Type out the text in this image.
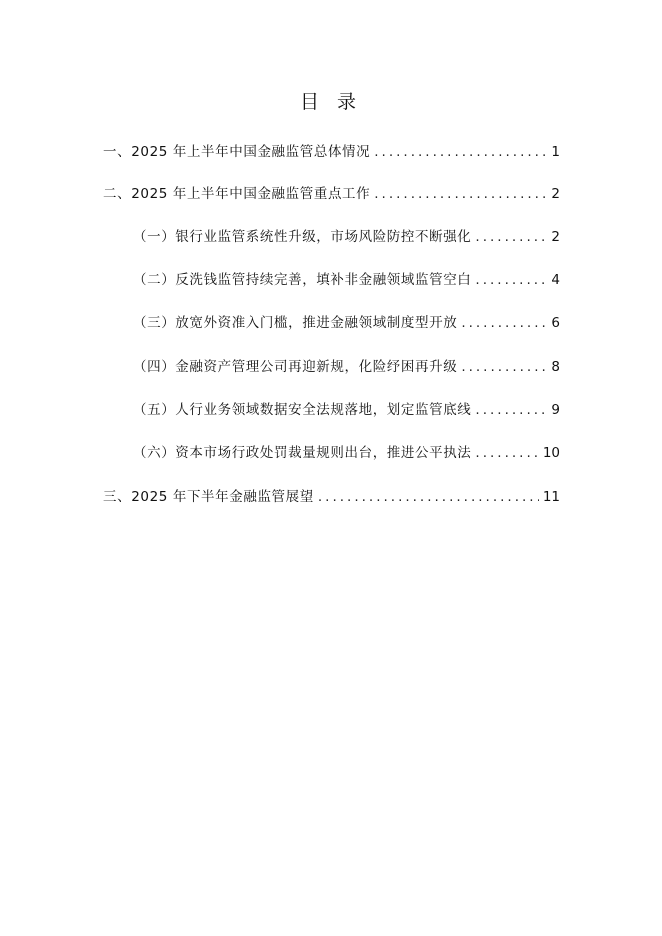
目 录
一、2025 年上半年中国金融监管总体情况 .....	1
二、2025 年上半年中国金融监管重点工作 .....	2
（一）银行业监管系统性升级，市场风险防控不断强化 .....	2
（二）反洗钱监管持续完善，填补非金融领域监管空白 .....	4
（三）放宽外资准入门槛，推进金融领域制度型开放 .....	6
（四）金融资产管理公司再迎新规，化险纾困再升级 .....	8
（五）人行业务领域数据安全法规落地，划定监管底线 .....	9
（六）资本市场行政处罚裁量规则出台，推进公平执法 .....	10
三、2025 年下半年金融监管展望 .....	11
